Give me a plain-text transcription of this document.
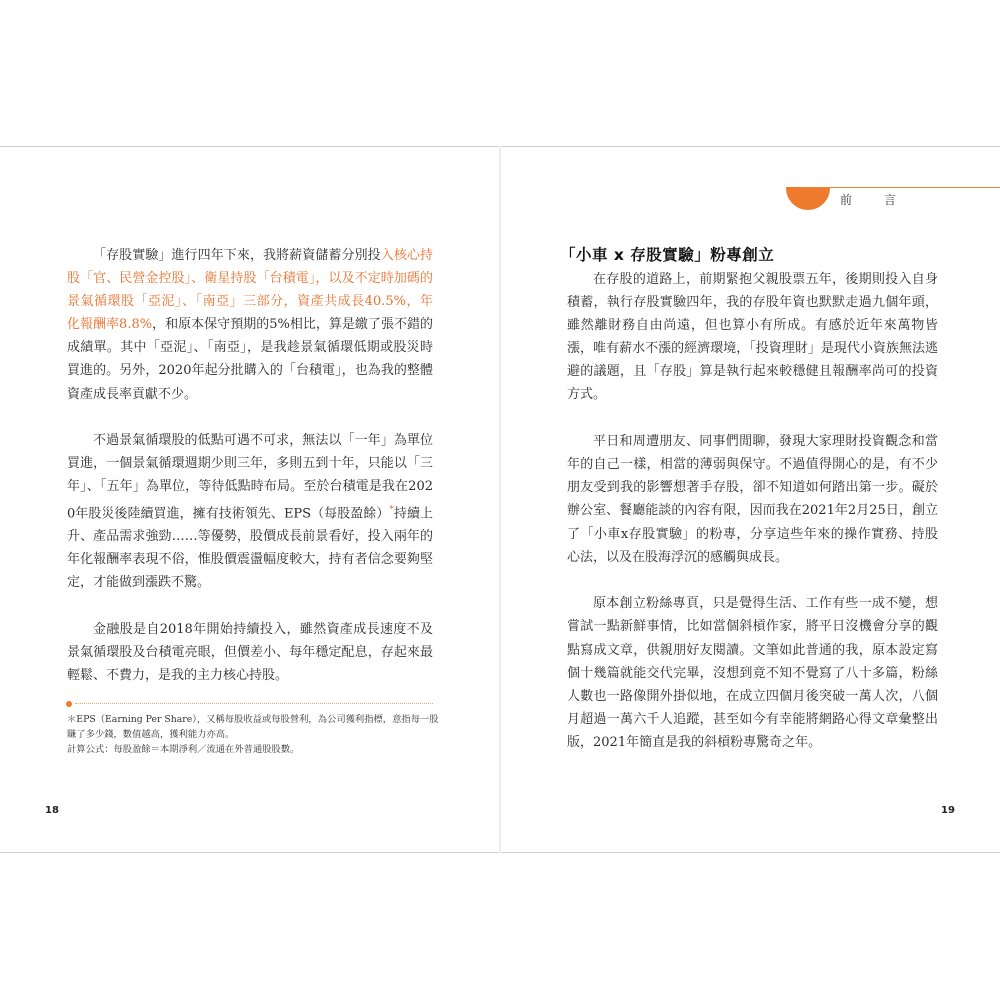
前言

「存股實驗」進行四年下來，我將薪資儲蓄分別投入核心持股「官、民營金控股」、衛星持股「台積電」，以及不定時加碼的景氣循環股「亞泥」、「南亞」三部分，資產共成長40.5%，年化報酬率8.8%，和原本保守預期的5%相比，算是繳了張不錯的成績單。其中「亞泥」、「南亞」，是我趁景氣循環低期或股災時買進的。另外，2020年起分批購入的「台積電」，也為我的整體資產成長率貢獻不少。

不過景氣循環股的低點可遇不可求，無法以「一年」為單位買進，一個景氣循環週期少則三年，多則五到十年，只能以「三年」、「五年」為單位，等待低點時布局。至於台積電是我在2020年股災後陸續買進，擁有技術領先、EPS（每股盈餘）*持續上升、產品需求強勁……等優勢，股價成長前景看好，投入兩年的年化報酬率表現不俗，惟股價震盪幅度較大，持有者信念要夠堅定，才能做到漲跌不驚。

金融股是自2018年開始持續投入，雖然資產成長速度不及景氣循環股及台積電亮眼，但價差小、每年穩定配息，存起來最輕鬆、不費力，是我的主力核心持股。

＊EPS（Earning Per Share），又稱每股收益或每股營利，為公司獲利指標，意指每一股
賺了多少錢，數值越高，獲利能力亦高。
計算公式：每股盈餘＝本期淨利／流通在外普通股股數。
「小車 x 存股實驗」粉專創立

在存股的道路上，前期緊抱父親股票五年，後期則投入自身積蓄，執行存股實驗四年，我的存股年資也默默走過九個年頭，雖然離財務自由尚遠，但也算小有所成。有感於近年來萬物皆漲，唯有薪水不漲的經濟環境，「投資理財」是現代小資族無法逃避的議題，且「存股」算是執行起來較穩健且報酬率尚可的投資方式。

平日和周遭朋友、同事們閒聊，發現大家理財投資觀念和當年的自己一樣，相當的薄弱與保守。不過值得開心的是，有不少朋友受到我的影響想著手存股，卻不知道如何踏出第一步。礙於辦公室、餐廳能談的內容有限，因而我在2021年2月25日，創立了「小車x存股實驗」的粉專，分享這些年來的操作實務、持股心法，以及在股海浮沉的感觸與成長。

原本創立粉絲專頁，只是覺得生活、工作有些一成不變，想嘗試一點新鮮事情，比如當個斜槓作家，將平日沒機會分享的觀點寫成文章，供親朋好友閱讀。文筆如此普通的我，原本設定寫個十幾篇就能交代完畢，沒想到竟不知不覺寫了八十多篇，粉絲人數也一路像開外掛似地，在成立四個月後突破一萬人次，八個月超過一萬六千人追蹤，甚至如今有幸能將網路心得文章彙整出版，2021年簡直是我的斜槓粉專驚奇之年。

18	19
